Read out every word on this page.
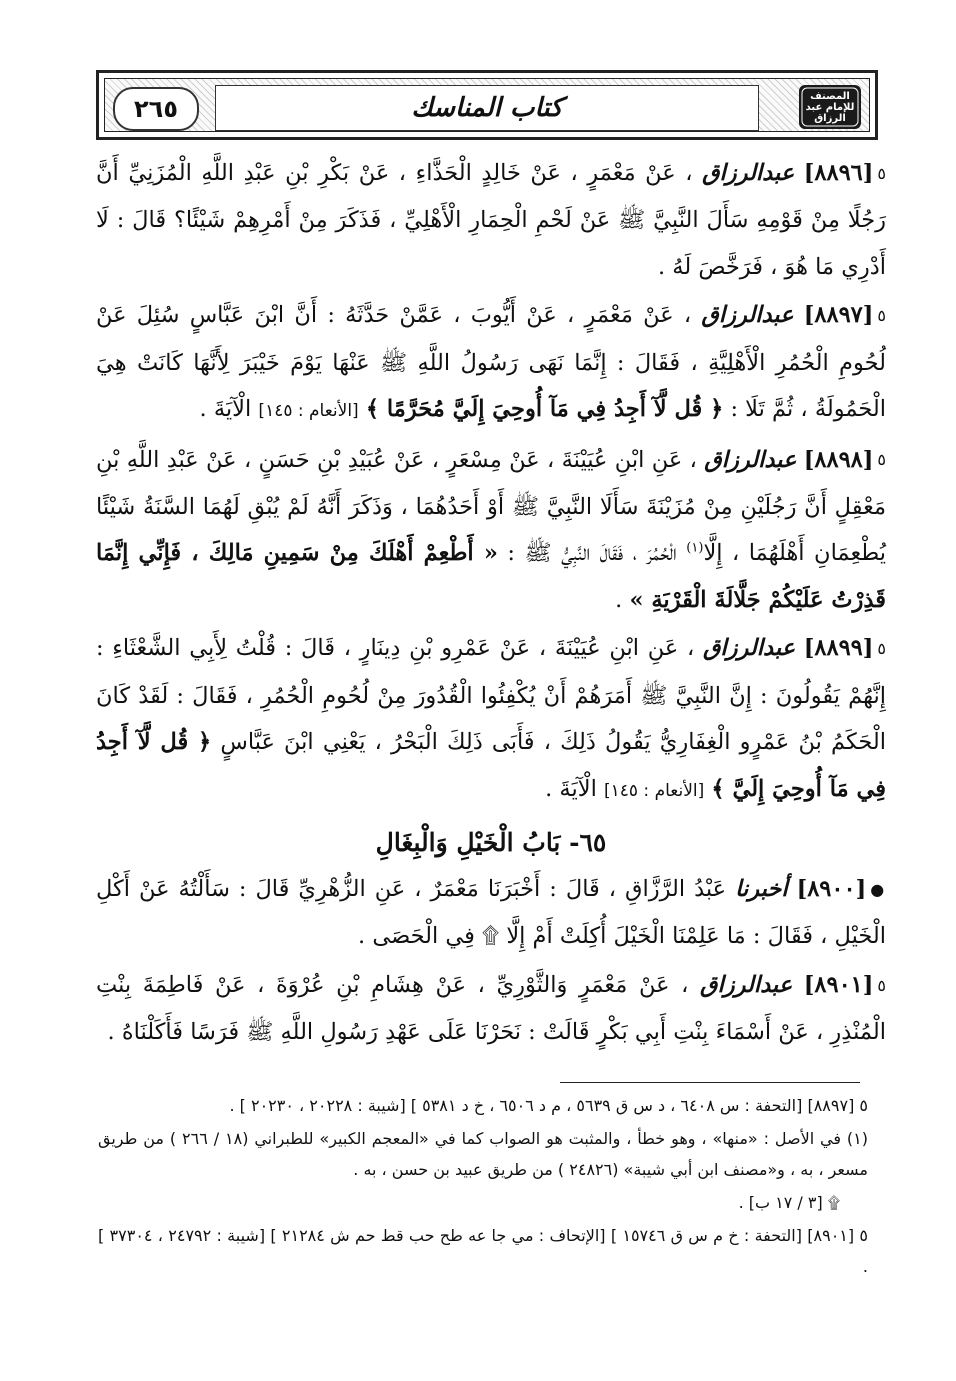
المصنف
للإمام عبد الرزاق
كتاب المناسك
٢٦٥

٥[٨٨٩٦] عبدالرزاق ، عَنْ مَعْمَرٍ ، عَنْ خَالِدٍ الْحَذَّاءِ ، عَنْ بَكْرِ بْنِ عَبْدِ اللَّهِ الْمُزَنِيِّ أَنَّ رَجُلًا مِنْ قَوْمِهِ سَأَلَ النَّبِيَّ ﷺ عَنْ لَحْمِ الْحِمَارِ الْأَهْلِيِّ ، فَذَكَرَ مِنْ أَمْرِهِمْ شَيْئًا؟ قَالَ : لَا أَدْرِي مَا هُوَ ، فَرَخَّصَ لَهُ .

٥[٨٨٩٧] عبدالرزاق ، عَنْ مَعْمَرٍ ، عَنْ أَيُّوبَ ، عَمَّنْ حَدَّثَهُ : أَنَّ ابْنَ عَبَّاسٍ سُئِلَ عَنْ لُحُومِ الْحُمُرِ الْأَهْلِيَّةِ ، فَقَالَ : إِنَّمَا نَهَى رَسُولُ اللَّهِ ﷺ عَنْهَا يَوْمَ خَيْبَرَ لِأَنَّهَا كَانَتْ هِيَ الْحَمُولَةُ ، ثُمَّ تَلَا : ﴿ قُل لَّآ أَجِدُ فِي مَآ أُوحِيَ إِلَيَّ مُحَرَّمًا ﴾ [الأنعام : ١٤٥] الْآيَةَ .

٥[٨٨٩٨] عبدالرزاق ، عَنِ ابْنِ عُيَيْنَةَ ، عَنْ مِسْعَرٍ ، عَنْ عُبَيْدِ بْنِ حَسَنٍ ، عَنْ عَبْدِ اللَّهِ بْنِ مَعْقِلٍ أَنَّ رَجُلَيْنِ مِنْ مُزَيْنَةَ سَأَلَا النَّبِيَّ ﷺ أَوْ أَحَدُهُمَا ، وَذَكَرَ أَنَّهُ لَمْ يُبْقِ لَهُمَا السَّنَةُ شَيْئًا يُطْعِمَانِ أَهْلَهُمَا ، إِلَّا$^{(١)}$ الْحُمُرَ ، فَقَالَ النَّبِيُّ ﷺ : « أَطْعِمْ أَهْلَكَ مِنْ سَمِينِ مَالِكَ ، فَإِنِّي إِنَّمَا قَذِرْتُ عَلَيْكُمْ جَلَّالَةَ الْقَرْيَةِ » .

٥[٨٨٩٩] عبدالرزاق ، عَنِ ابْنِ عُيَيْنَةَ ، عَنْ عَمْرِو بْنِ دِينَارٍ ، قَالَ : قُلْتُ لِأَبِي الشَّعْثَاءِ : إِنَّهُمْ يَقُولُونَ : إِنَّ النَّبِيَّ ﷺ أَمَرَهُمْ أَنْ يُكْفِئُوا الْقُدُورَ مِنْ لُحُومِ الْحُمُرِ ، فَقَالَ : لَقَدْ كَانَ الْحَكَمُ بْنُ عَمْرٍو الْغِفَارِيُّ يَقُولُ ذَلِكَ ، فَأَبَى ذَلِكَ الْبَحْرُ ، يَعْنِي ابْنَ عَبَّاسٍ ﴿ قُل لَّآ أَجِدُ فِي مَآ أُوحِيَ إِلَيَّ ﴾ [الأنعام : ١٤٥] الْآيَةَ .

٦٥- بَابُ الْخَيْلِ وَالْبِغَالِ

●[٨٩٠٠] أخبرنا عَبْدُ الرَّزَّاقِ ، قَالَ : أَخْبَرَنَا مَعْمَرٌ ، عَنِ الزُّهْرِيِّ قَالَ : سَأَلْتُهُ عَنْ أَكْلِ الْخَيْلِ ، فَقَالَ : مَا عَلِمْنَا الْخَيْلَ أُكِلَتْ أَمْ إِلَّا ۩ فِي الْحَصَى .

٥[٨٩٠١] عبدالرزاق ، عَنْ مَعْمَرٍ وَالثَّوْرِيِّ ، عَنْ هِشَامِ بْنِ عُرْوَةَ ، عَنْ فَاطِمَةَ بِنْتِ الْمُنْذِرِ ، عَنْ أَسْمَاءَ بِنْتِ أَبِي بَكْرٍ قَالَتْ : نَحَرْنَا عَلَى عَهْدِ رَسُولِ اللَّهِ ﷺ فَرَسًا فَأَكَلْنَاهُ .

٥ [٨٨٩٧] [التحفة : س ٦٤٠٨ ، د س ق ٥٦٣٩ ، م د ٦٥٠٦ ، خ د ٥٣٨١ ] [شيبة : ٢٠٢٢٨ ، ٢٠٢٣٠ ] .

(١) في الأصل : «منها» ، وهو خطأ ، والمثبت هو الصواب كما في «المعجم الكبير» للطبراني (١٨ / ٢٦٦ ) من طريق مسعر ، به ، و«مصنف ابن أبي شيبة» (٢٤٨٢٦ ) من طريق عبيد بن حسن ، به .

۩ [٣ / ١٧ ب] .

٥ [٨٩٠١] [التحفة : خ م س ق ١٥٧٤٦ ] [الإتحاف : مي جا عه طح حب قط حم ش ٢١٢٨٤ ] [شيبة : ٢٤٧٩٢ ، ٣٧٣٠٤ ] .
